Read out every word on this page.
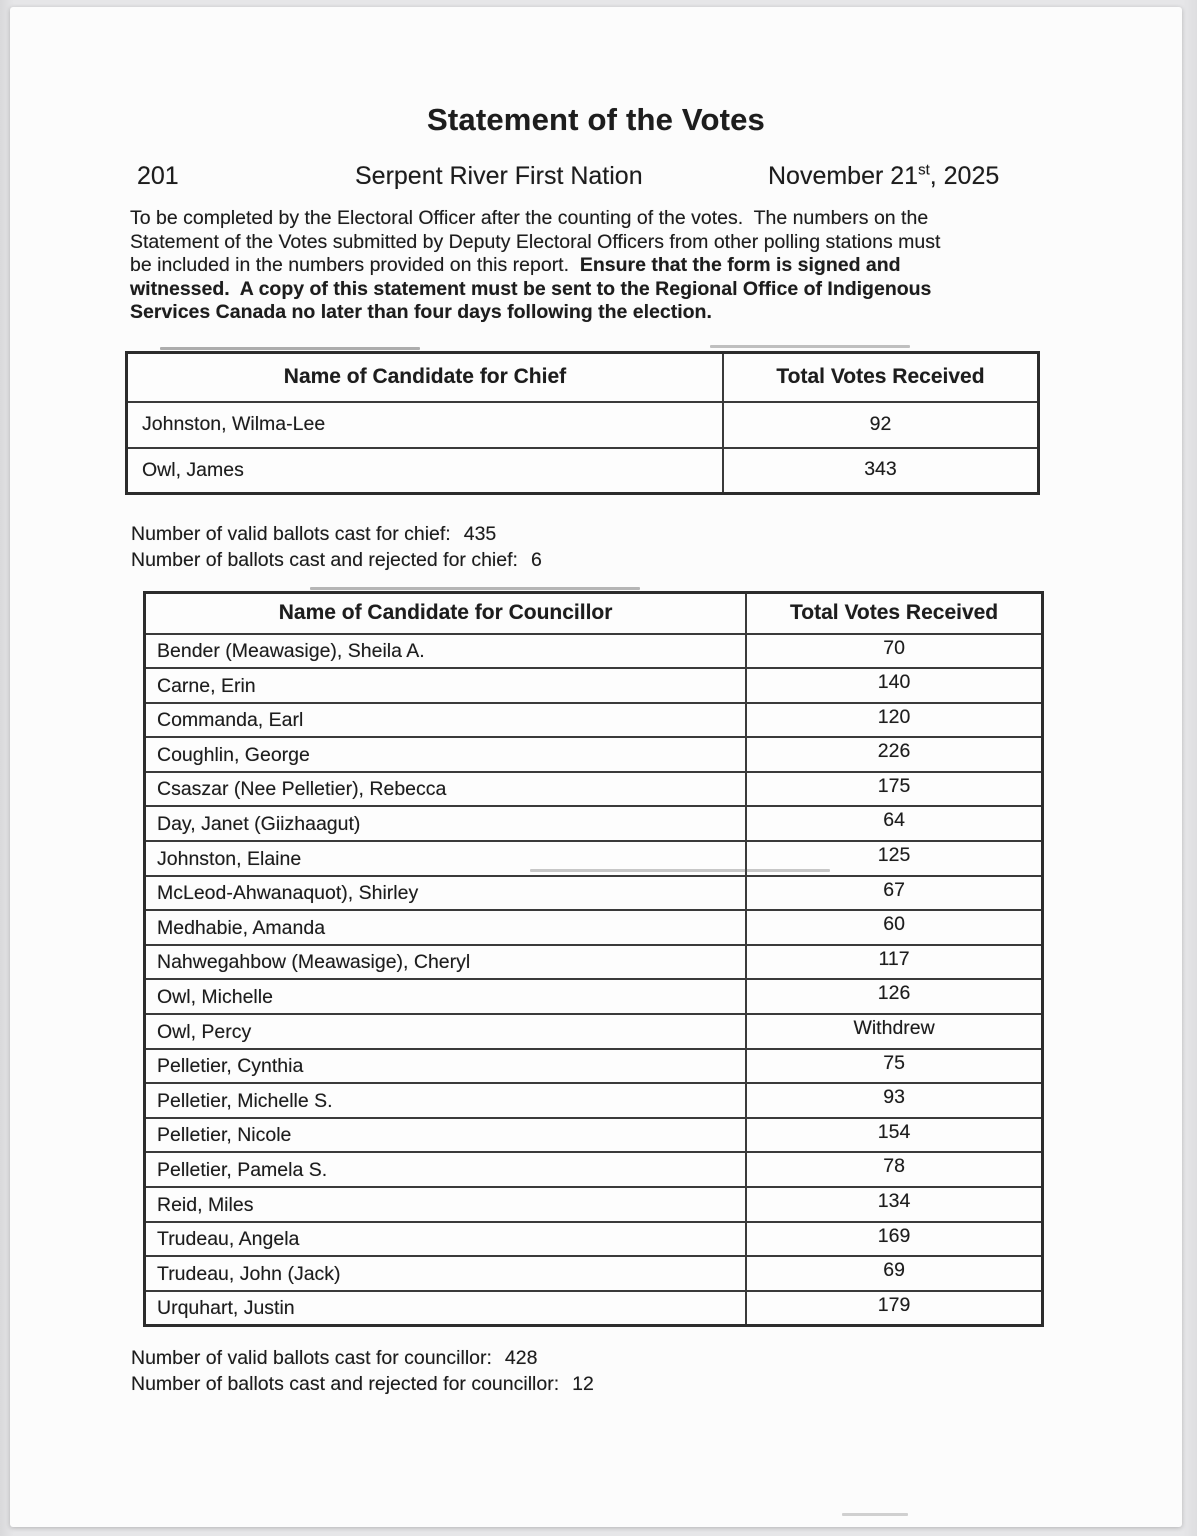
Statement of the Votes
201	Serpent River First Nation	November 21st, 2025

To be completed by the Electoral Officer after the counting of the votes.  The numbers on the
Statement of the Votes submitted by Deputy Electoral Officers from other polling stations must
be included in the numbers provided on this report.  Ensure that the form is signed and
witnessed.  A copy of this statement must be sent to the Regional Office of Indigenous
Services Canada no later than four days following the election.

Name of Candidate for Chief	Total Votes Received
Johnston, Wilma-Lee	92
Owl, James	343
Number of valid ballots cast for chief: 435
Number of ballots cast and rejected for chief: 6
Name of Candidate for Councillor	Total Votes Received
Bender (Meawasige), Sheila A.	70
Carne, Erin	140
Commanda, Earl	120
Coughlin, George	226
Csaszar (Nee Pelletier), Rebecca	175
Day, Janet (Giizhaagut)	64
Johnston, Elaine	125
McLeod-Ahwanaquot), Shirley	67
Medhabie, Amanda	60
Nahwegahbow (Meawasige), Cheryl	117
Owl, Michelle	126
Owl, Percy	Withdrew
Pelletier, Cynthia	75
Pelletier, Michelle S.	93
Pelletier, Nicole	154
Pelletier, Pamela S.	78
Reid, Miles	134
Trudeau, Angela	169
Trudeau, John (Jack)	69
Urquhart, Justin	179
Number of valid ballots cast for councillor: 428
Number of ballots cast and rejected for councillor: 12
